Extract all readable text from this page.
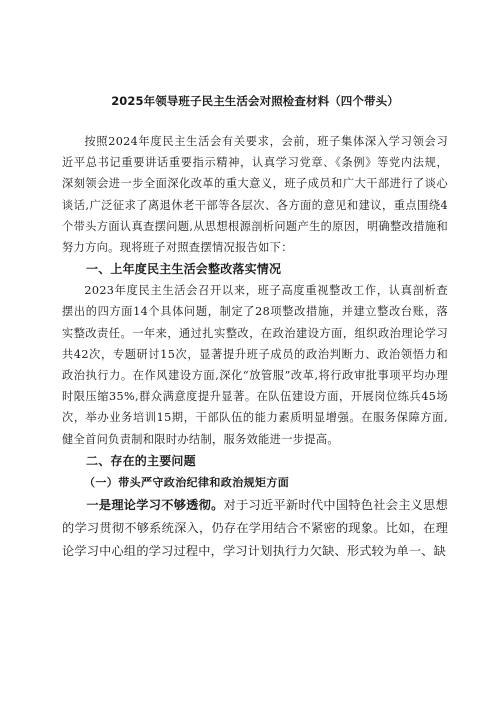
2025年领导班子民主生活会对照检查材料（四个带头）

按照2024年度民主生活会有关要求，会前，班子集体深入学习领会习近平总书记重要讲话重要指示精神，认真学习党章、《条例》等党内法规，深刻领会进一步全面深化改革的重大意义，班子成员和广大干部进行了谈心谈话,广泛征求了离退休老干部等各层次、各方面的意见和建议，重点围绕4个带头方面认真查摆问题,从思想根源剖析问题产生的原因，明确整改措施和努力方向。现将班子对照查摆情况报告如下：

一、上年度民主生活会整改落实情况

2023年度民主生活会召开以来，班子高度重视整改工作，认真剖析查摆出的四方面14个具体问题，制定了28项整改措施，并建立整改台账，落实整改责任。一年来，通过扎实整改，在政治建设方面，组织政治理论学习共42次，专题研讨15次，显著提升班子成员的政治判断力、政治领悟力和政治执行力。在作风建设方面,深化“放管服”改革,将行政审批事项平均办理时限压缩35%,群众满意度提升显著。在队伍建设方面，开展岗位练兵45场次，举办业务培训15期，干部队伍的能力素质明显增强。在服务保障方面,健全首问负责制和限时办结制，服务效能进一步提高。

二、存在的主要问题
（一）带头严守政治纪律和政治规矩方面

一是理论学习不够透彻。对于习近平新时代中国特色社会主义思想的学习贯彻不够系统深入，仍存在学用结合不紧密的现象。比如，在理论学习中心组的学习过程中，学习计划执行力欠缺、形式较为单一、缺
